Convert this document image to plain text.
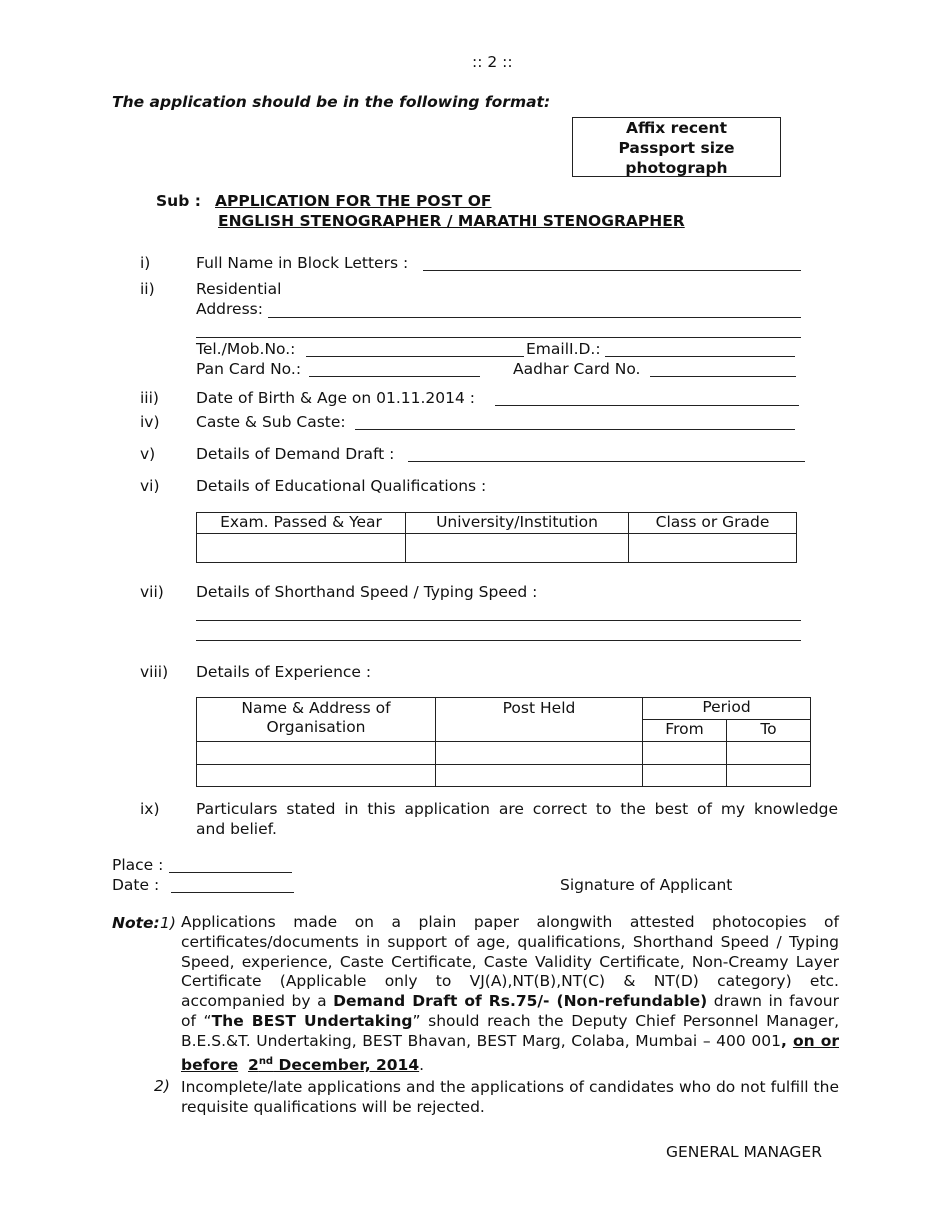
:: 2 ::
The application should be in the following format:
Affix recent
Passport size
photograph
Sub : APPLICATION FOR THE POST OF
ENGLISH STENOGRAPHER / MARATHI STENOGRAPHER
i)	Full Name in Block Letters :
ii)	Residential
Address:
Tel./Mob.No.:	EmailI.D.:
Pan Card No.:	Aadhar Card No.
iii) Date of Birth & Age on 01.11.2014 :
iv) Caste & Sub Caste:
v)	Details of Demand Draft :
vi) Details of Educational Qualifications :
Exam. Passed & Year	University/Institution	Class or Grade

vii) Details of Shorthand Speed / Typing Speed :
viii) Details of Experience :
Name & Address of
Organisation	Post Held	Period	
		From	To

ix) Particulars stated in this application are correct to the best of my knowledge
and belief.
Place :
Date :	Signature of Applicant
Note: 1) Applications made on a plain paper alongwith attested photocopies of certificates/documents in support of age, qualifications, Shorthand Speed / Typing Speed, experience, Caste Certificate, Caste Validity Certificate, Non-Creamy Layer Certificate (Applicable only to VJ(A),NT(B),NT(C) & NT(D) category) etc. accompanied by a Demand Draft of Rs.75/- (Non-refundable) drawn in favour of “The BEST Undertaking” should reach the Deputy Chief Personnel Manager, B.E.S.&T. Undertaking, BEST Bhavan, BEST Marg, Colaba, Mumbai – 400 001, on or before 2nd December, 2014.
2) Incomplete/late applications and the applications of candidates who do not fulfill the requisite qualifications will be rejected.
GENERAL MANAGER
